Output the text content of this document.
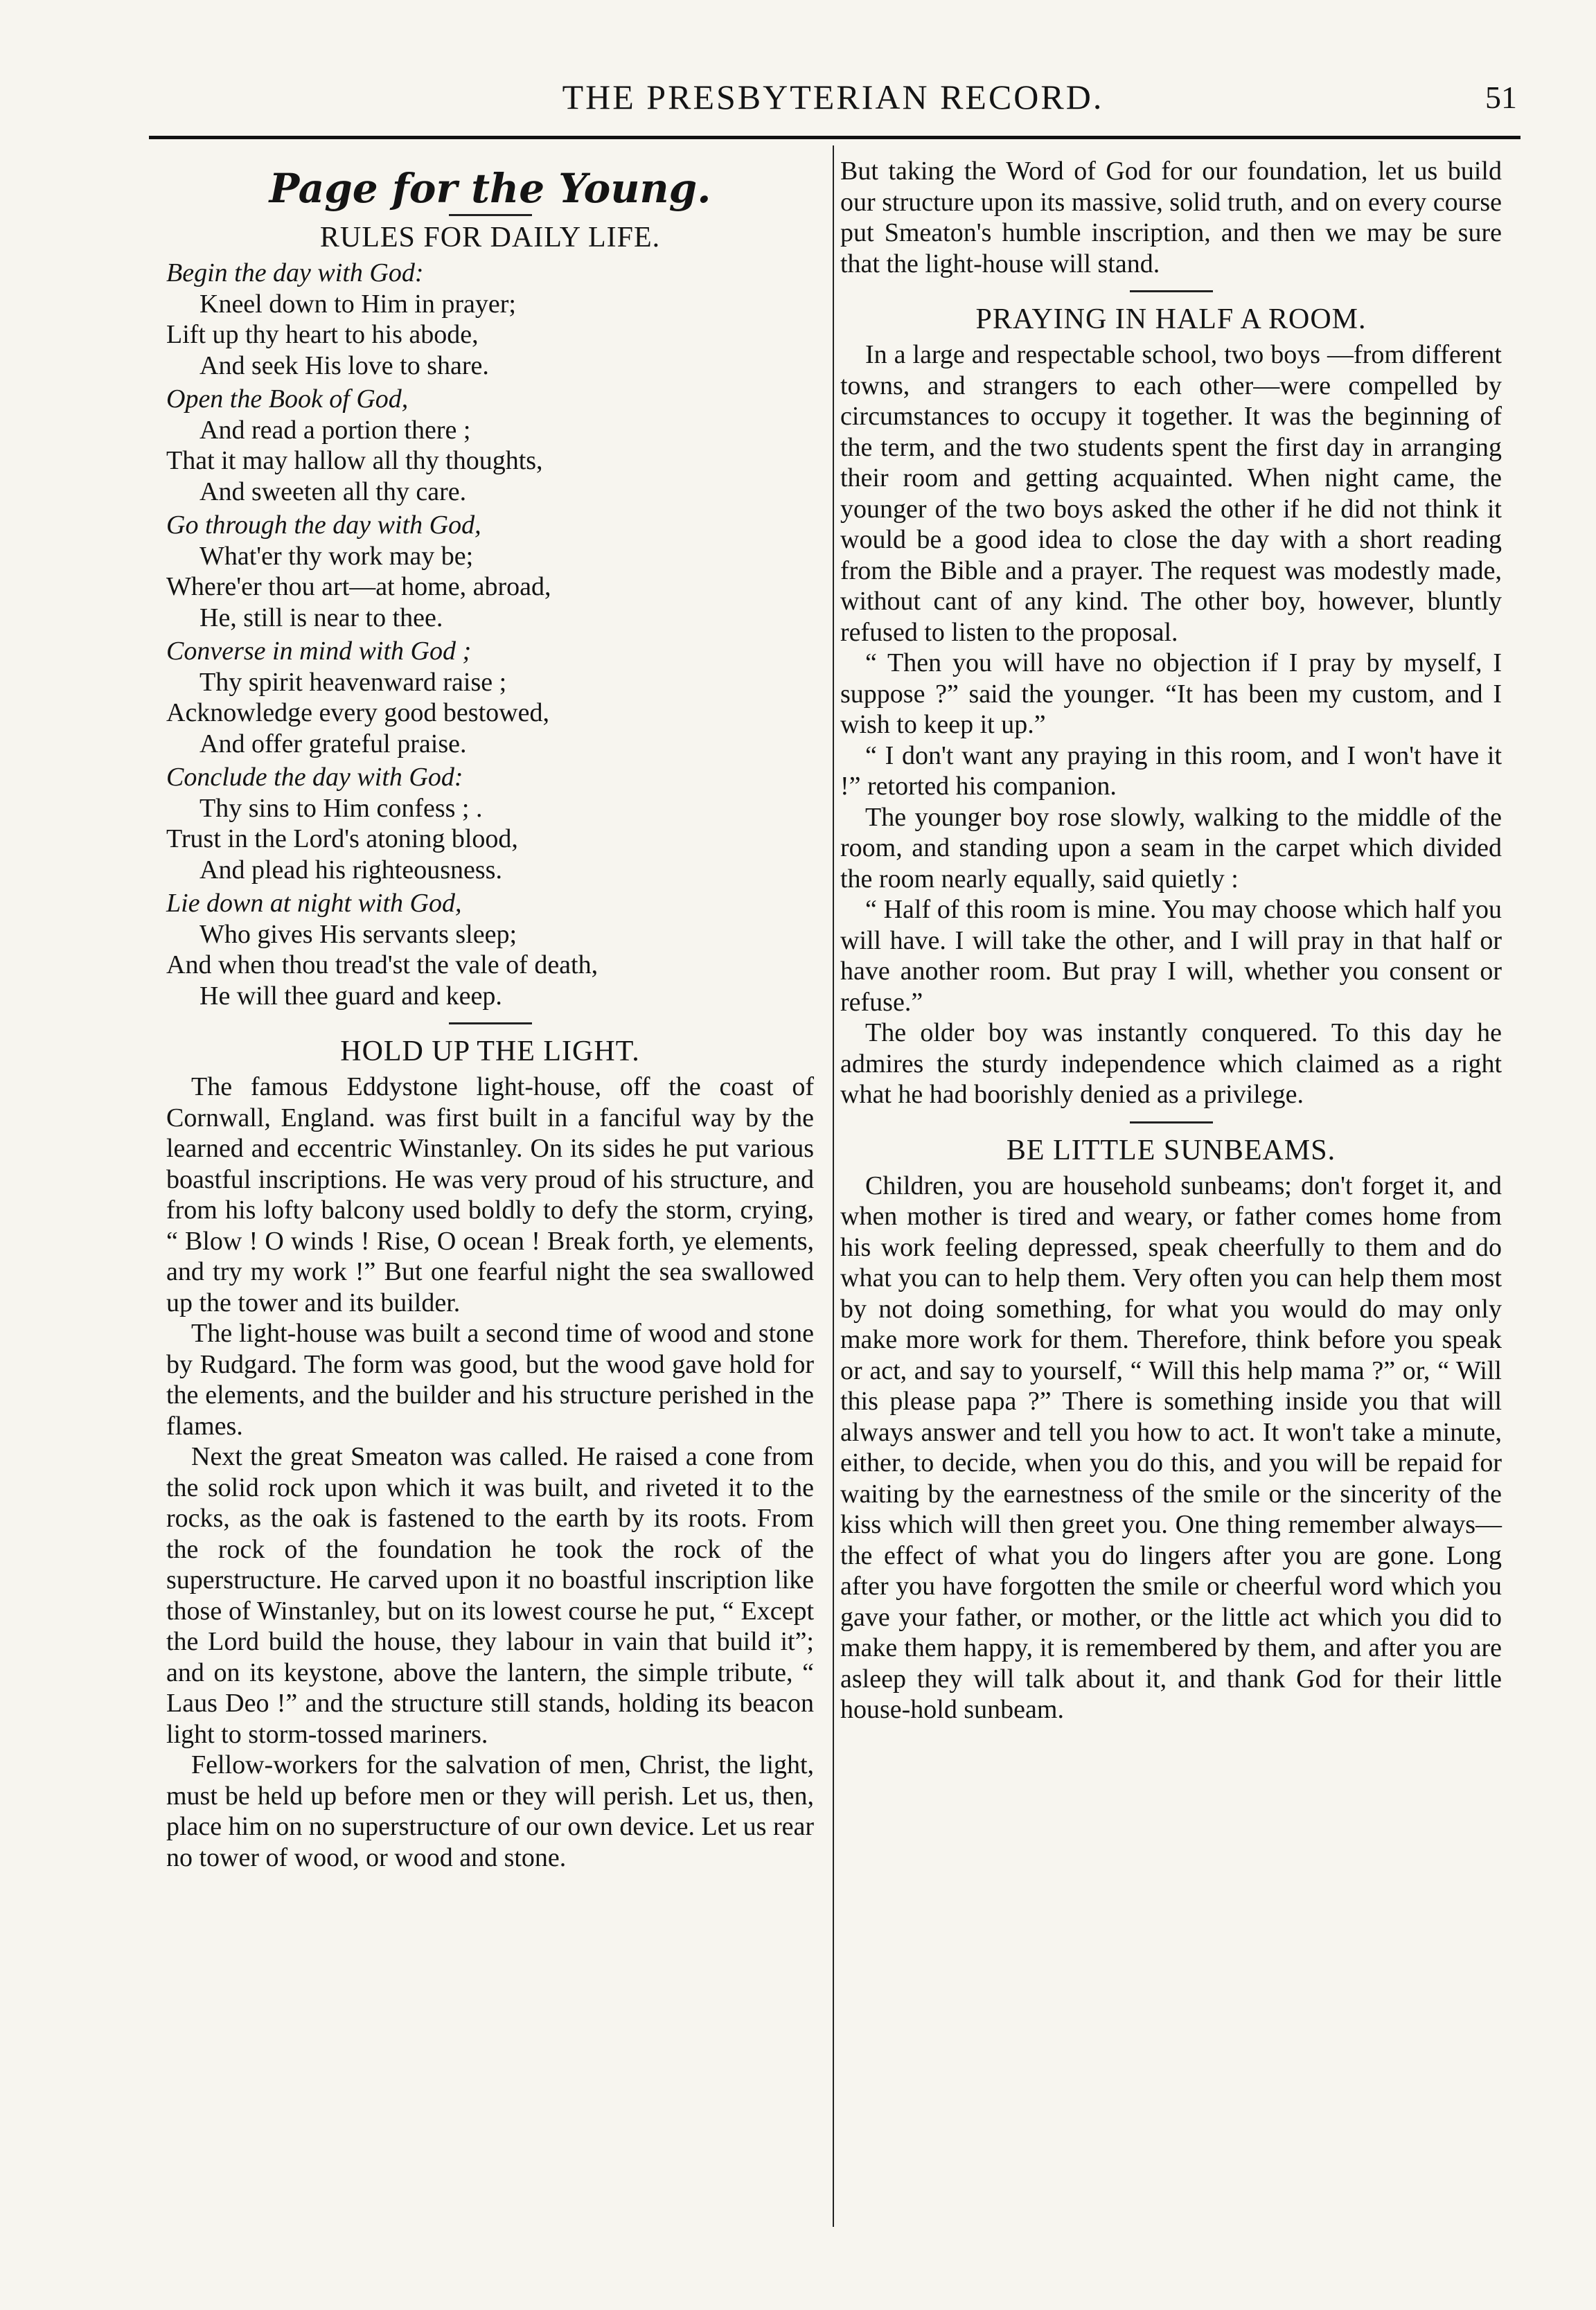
THE PRESBYTERIAN RECORD.	51
Page for the Young.
RULES FOR DAILY LIFE.
Begin the day with God:
Kneel down to Him in prayer;
Lift up thy heart to his abode,
And seek His love to share.
Open the Book of God,
And read a portion there ;
That it may hallow all thy thoughts,
And sweeten all thy care.
Go through the day with God,
What'er thy work may be;
Where'er thou art—at home, abroad,
He, still is near to thee.
Converse in mind with God ;
Thy spirit heavenward raise ;
Acknowledge every good bestowed,
And offer grateful praise.
Conclude the day with God:
Thy sins to Him confess ; .
Trust in the Lord's atoning blood,
And plead his righteousness.
Lie down at night with God,
Who gives His servants sleep;
And when thou tread'st the vale of death,
He will thee guard and keep.
HOLD UP THE LIGHT.

The famous Eddystone light-house, off the coast of Cornwall, England. was first built in a fanciful way by the learned and eccentric Winstanley. On its sides he put various boastful inscriptions. He was very proud of his structure, and from his lofty balcony used boldly to defy the storm, crying, “ Blow ! O winds ! Rise, O ocean ! Break forth, ye elements, and try my work !” But one fearful night the sea swallowed up the tower and its builder.

The light-house was built a second time of wood and stone by Rudgard. The form was good, but the wood gave hold for the elements, and the builder and his structure perished in the flames.

Next the great Smeaton was called. He raised a cone from the solid rock upon which it was built, and riveted it to the rocks, as the oak is fastened to the earth by its roots. From the rock of the foundation he took the rock of the superstructure. He carved upon it no boastful inscription like those of Winstanley, but on its lowest course he put, “ Except the Lord build the house, they labour in vain that build it”; and on its keystone, above the lantern, the simple tribute, “ Laus Deo !” and the structure still stands, holding its beacon light to storm-tossed mariners.

Fellow-workers for the salvation of men, Christ, the light, must be held up before men or they will perish. Let us, then, place him on no superstructure of our own device. Let us rear no tower of wood, or wood and stone.

But taking the Word of God for our foundation, let us build our structure upon its massive, solid truth, and on every course put Smeaton's humble inscription, and then we may be sure that the light-house will stand.

PRAYING IN HALF A ROOM.

In a large and respectable school, two boys —from different towns, and strangers to each other—were compelled by circumstances to occupy it together. It was the beginning of the term, and the two students spent the first day in arranging their room and getting acquainted. When night came, the younger of the two boys asked the other if he did not think it would be a good idea to close the day with a short reading from the Bible and a prayer. The request was modestly made, without cant of any kind. The other boy, however, bluntly refused to listen to the proposal.

“ Then you will have no objection if I pray by myself, I suppose ?” said the younger. “It has been my custom, and I wish to keep it up.”

“ I don't want any praying in this room, and I won't have it !” retorted his companion.

The younger boy rose slowly, walking to the middle of the room, and standing upon a seam in the carpet which divided the room nearly equally, said quietly :

“ Half of this room is mine. You may choose which half you will have. I will take the other, and I will pray in that half or have another room. But pray I will, whether you consent or refuse.”

The older boy was instantly conquered. To this day he admires the sturdy independence which claimed as a right what he had boorishly denied as a privilege.

BE LITTLE SUNBEAMS.

Children, you are household sunbeams; don't forget it, and when mother is tired and weary, or father comes home from his work feeling depressed, speak cheerfully to them and do what you can to help them. Very often you can help them most by not doing something, for what you would do may only make more work for them. Therefore, think before you speak or act, and say to yourself, “ Will this help mama ?” or, “ Will this please papa ?” There is something inside you that will always answer and tell you how to act. It won't take a minute, either, to decide, when you do this, and you will be repaid for waiting by the earnestness of the smile or the sincerity of the kiss which will then greet you. One thing remember always—the effect of what you do lingers after you are gone. Long after you have forgotten the smile or cheerful word which you gave your father, or mother, or the little act which you did to make them happy, it is remembered by them, and after you are asleep they will talk about it, and thank God for their little house-hold sunbeam.
